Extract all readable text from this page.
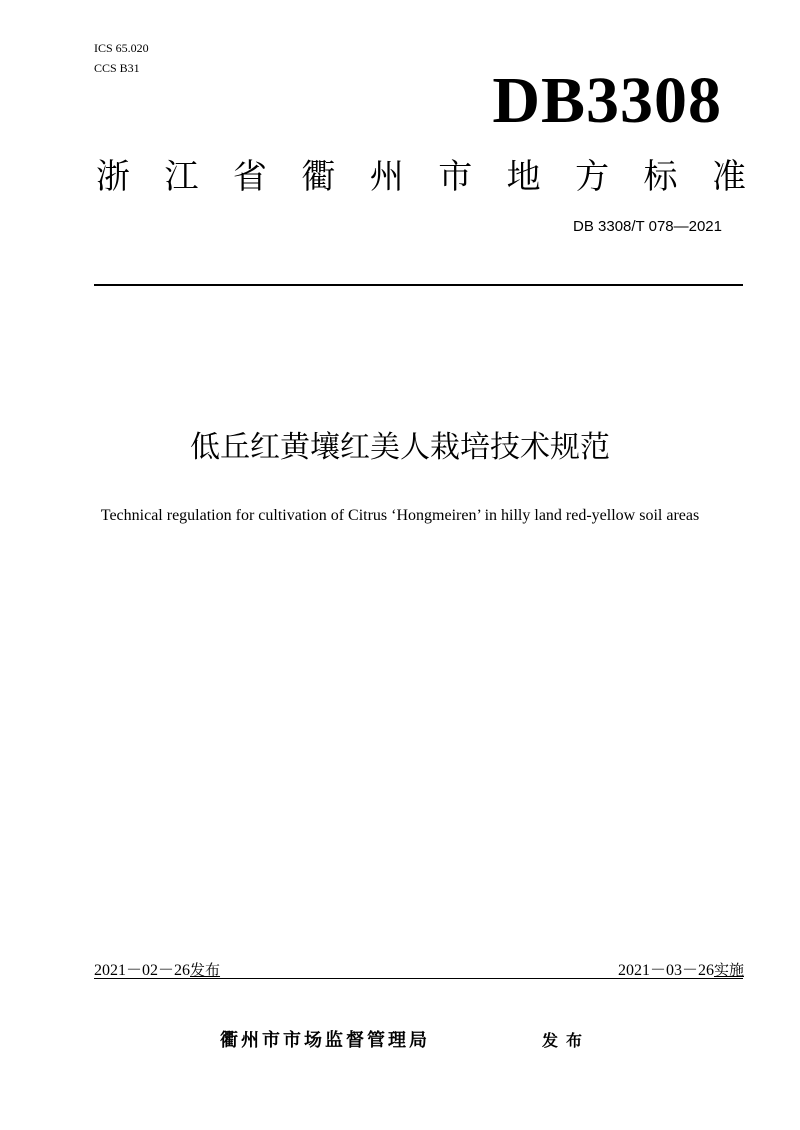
ICS 65.020
CCS B31	DB3308
浙 江 省 衢 州 市 地 方 标 准
DB 3308/T 078—2021
低丘红黄壤红美人栽培技术规范
Technical regulation for cultivation of Citrus ‘Hongmeiren’ in hilly land red-yellow soil areas
2021－02－26发布	2021－03－26实施
衢州市市场监督管理局	发布
